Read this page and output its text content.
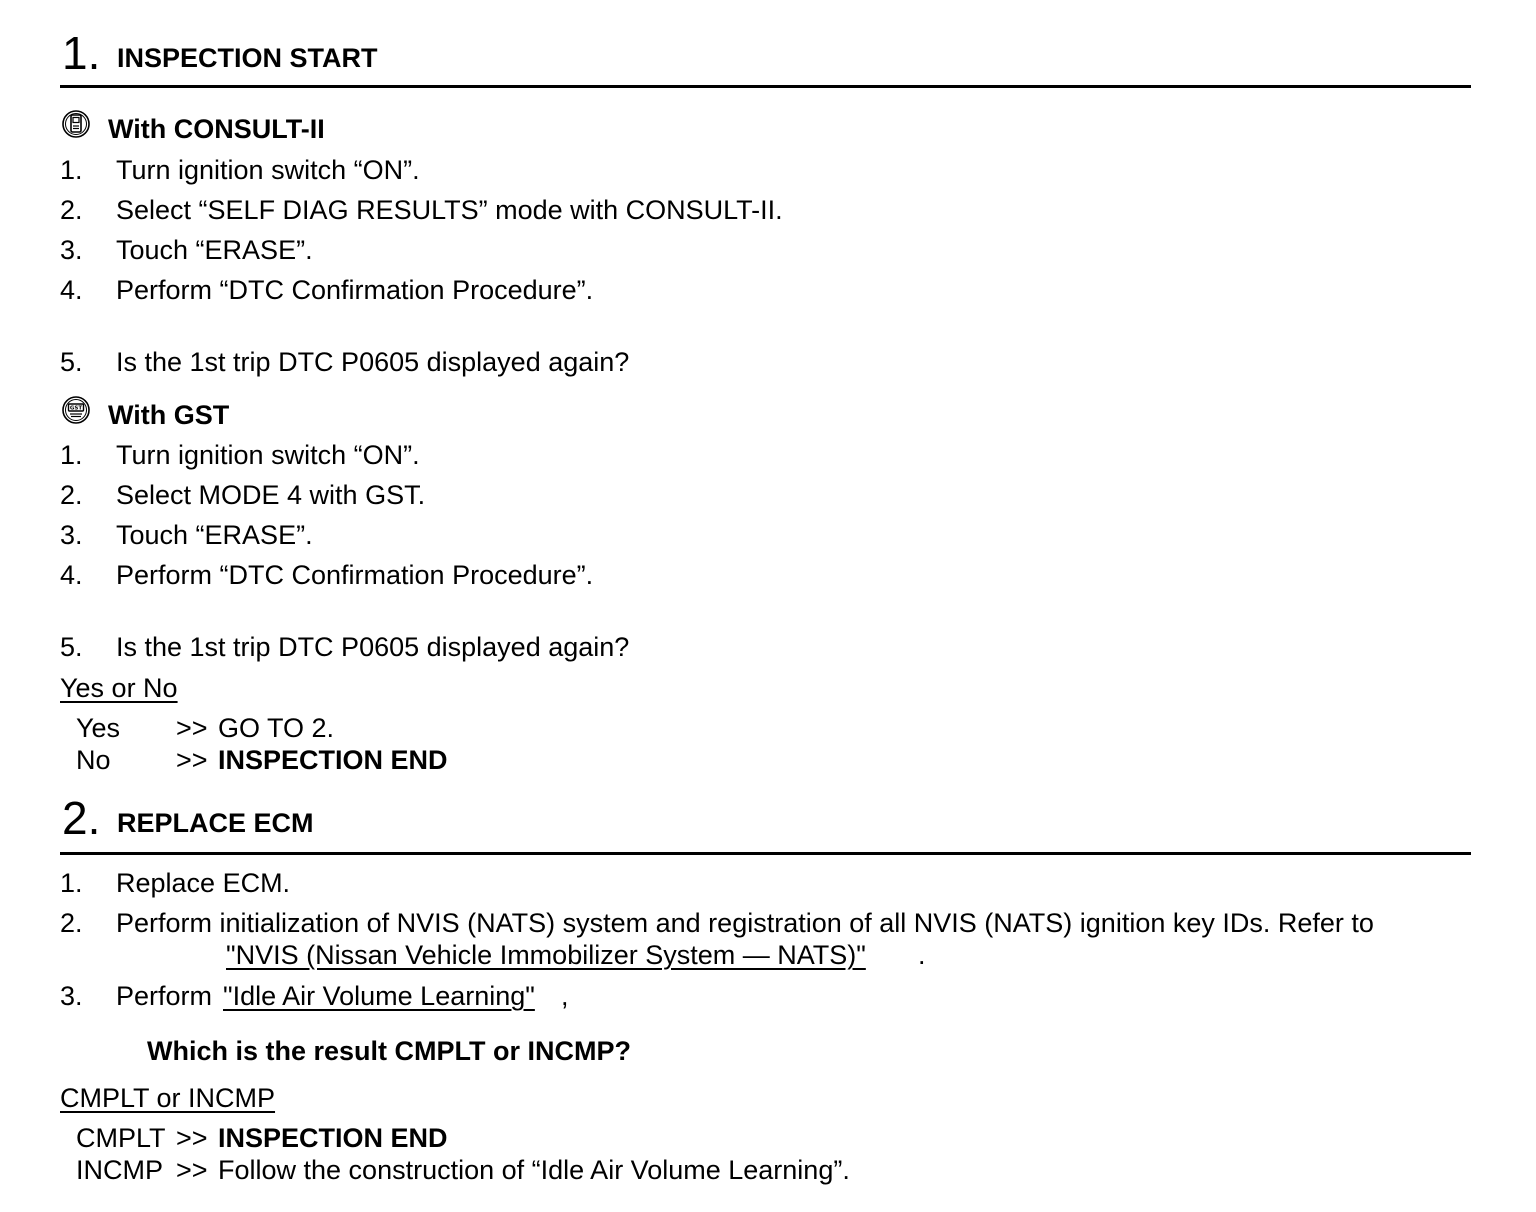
1. INSPECTION START
With CONSULT-II
1. Turn ignition switch “ON”.
2. Select “SELF DIAG RESULTS” mode with CONSULT-II.
3. Touch “ERASE”.
4. Perform “DTC Confirmation Procedure”.
5. Is the 1st trip DTC P0605 displayed again?
GST With GST
1. Turn ignition switch “ON”.
2. Select MODE 4 with GST.
3. Touch “ERASE”.
4. Perform “DTC Confirmation Procedure”.
5. Is the 1st trip DTC P0605 displayed again?
Yes or No
Yes >> GO TO 2.
No >> INSPECTION END
2. REPLACE ECM
1. Replace ECM.
2. Perform initialization of NVIS (NATS) system and registration of all NVIS (NATS) ignition key IDs. Refer to
"NVIS (Nissan Vehicle Immobilizer System — NATS)" .
3. Perform "Idle Air Volume Learning" ,
Which is the result CMPLT or INCMP?
CMPLT or INCMP
CMPLT >> INSPECTION END
INCMP >> Follow the construction of “Idle Air Volume Learning”.
